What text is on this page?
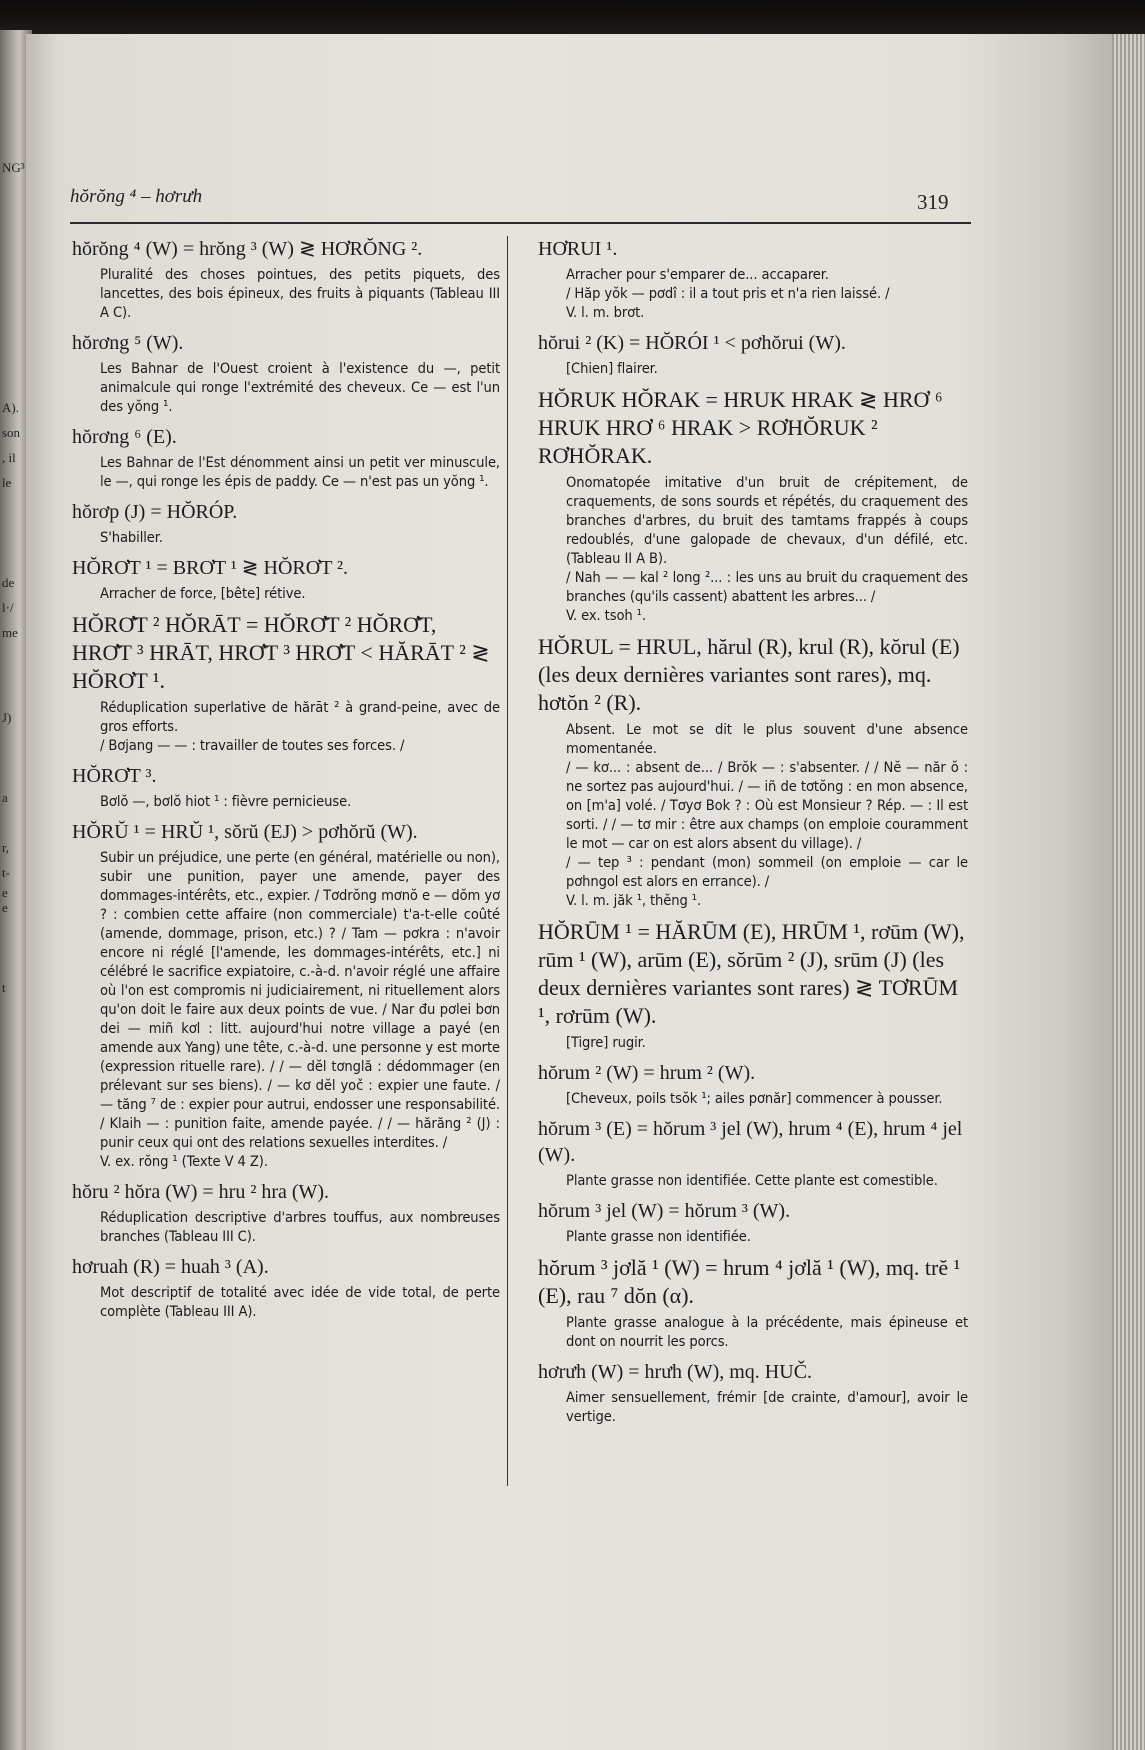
NG³
A).
son
, il
le
de
l·/
me
J)
a
r,
t-
e
e
t
hŏrŏng ⁴ – hơrưh	319
hŏrŏng ⁴ (W) = hrŏng ³ (W) ≷ HƠRŎNG ².
Pluralité des choses pointues, des petits piquets, des lancettes, des bois épineux, des fruits à piquants (Tableau III A C).
hŏrơng ⁵ (W).
Les Bahnar de l'Ouest croient à l'existence du —, petit animalcule qui ronge l'extrémité des cheveux. Ce — est l'un des yŏng ¹.
hŏrơng ⁶ (E).
Les Bahnar de l'Est dénomment ainsi un petit ver minuscule, le —, qui ronge les épis de paddy. Ce — n'est pas un yŏng ¹.
hŏrơp (J) = HŎRÓP.
S'habiller.
HŎRƠT ¹ = BRƠT ¹ ≷ HŎRƠT ².
Arracher de force, [bête] rétive.
HŎRƠ̄T ² HŎRĀT = HŎRƠ̄T ² HŎRƠ̄T, HRƠ̄T ³ HRĀT, HRƠ̄T ³ HRƠ̄T < HĂRĀT ² ≷ HŎRƠT ¹.
Réduplication superlative de hărāt ² à grand-peine, avec de gros efforts.
/ Bơjang — — : travailler de toutes ses forces. /
HŎRƠT ³.
Bơlŏ —, bơlŏ hiot ¹ : fièvre pernicieuse.
HŎRŬ ¹ = HRŬ ¹, sŏrŭ (EJ) > pơhŏrŭ (W).
Subir un préjudice, une perte (en général, matérielle ou non), subir une punition, payer une amende, payer des dommages-intérêts, etc., expier. / Tơdrŏng mơnŏ e — dŏm yơ ? : combien cette affaire (non commerciale) t'a-t-elle coûté (amende, dommage, prison, etc.) ? / Tam — pơkra : n'avoir encore ni réglé [l'amende, les dommages-intérêts, etc.] ni célébré le sacrifice expiatoire, c.-à-d. n'avoir réglé une affaire où l'on est compromis ni judiciairement, ni rituellement alors qu'on doit le faire aux deux points de vue. / Nar đu pơlei bơn dei — miñ kơl : litt. aujourd'hui notre village a payé (en amende aux Yang) une tête, c.-à-d. une personne y est morte (expression rituelle rare). / / — dĕl tơnglă : dédommager (en prélevant sur ses biens). / — kơ dĕl yoč : expier une faute. / — tăng ⁷ de : expier pour autrui, endosser une responsabilité. / Klaih — : punition faite, amende payée. / / — hărăng ² (J) : punir ceux qui ont des relations sexuelles interdites. /
V. ex. rŏng ¹ (Texte V 4 Z).
hŏru ² hŏra (W) = hru ² hra (W).
Réduplication descriptive d'arbres touffus, aux nombreuses branches (Tableau III C).
hơruah (R) = huah ³ (A).
Mot descriptif de totalité avec idée de vide total, de perte complète (Tableau III A).
HƠRUI ¹.
Arracher pour s'emparer de... accaparer.
/ Hăp yŏk — pơdî : il a tout pris et n'a rien laissé. /
V. l. m. brơt.
hŏrui ² (K) = HŎRÓI ¹ < pơhŏrui (W).
[Chien] flairer.
HŎRUK HŎRAK = HRUK HRAK ≷ HRƠ ⁶ HRUK HRƠ ⁶ HRAK > RƠHŎRUK ² RƠHŎRAK.
Onomatopée imitative d'un bruit de crépitement, de craquements, de sons sourds et répétés, du craquement des branches d'arbres, du bruit des tamtams frappés à coups redoublés, d'une galopade de chevaux, d'un défilé, etc. (Tableau II A B).
/ Nah — — kal ² long ²... : les uns au bruit du craquement des branches (qu'ils cassent) abattent les arbres... /
V. ex. tsoh ¹.
HŎRUL = HRUL, hărul (R), krul (R), kŏrul (E) (les deux dernières variantes sont rares), mq. hơtŏn ² (R).
Absent. Le mot se dit le plus souvent d'une absence momentanée.
/ — kơ... : absent de... / Brŏk — : s'absenter. / / Nĕ — năr ŏ : ne sortez pas aujourd'hui. / — iñ de tơtŏng : en mon absence, on [m'a] volé. / Tơyơ Bok ? : Où est Monsieur ? Rép. — : Il est sorti. / / — tơ mir : être aux champs (on emploie couramment le mot — car on est alors absent du village). /
/ — tep ³ : pendant (mon) sommeil (on emploie — car le pơhngol est alors en errance). /
V. l. m. jăk ¹, thĕng ¹.
HŎRŪM ¹ = HĂRŪM (E), HRŪM ¹, rơūm (W), rūm ¹ (W), arūm (E), sŏrūm ² (J), srūm (J) (les deux dernières variantes sont rares) ≷ TƠRŪM ¹, rơrūm (W).
[Tigre] rugir.
hŏrum ² (W) = hrum ² (W).
[Cheveux, poils tsŏk ¹; ailes pơnăr] commencer à pousser.
hŏrum ³ (E) = hŏrum ³ jel (W), hrum ⁴ (E), hrum ⁴ jel (W).
Plante grasse non identifiée. Cette plante est comestible.
hŏrum ³ jel (W) = hŏrum ³ (W).
Plante grasse non identifiée.
hŏrum ³ jơlă ¹ (W) = hrum ⁴ jơlă ¹ (W), mq. trĕ ¹ (E), rau ⁷ dŏn (α).
Plante grasse analogue à la précédente, mais épineuse et dont on nourrit les porcs.
hơrưh (W) = hrưh (W), mq. HUČ.
Aimer sensuellement, frémir [de crainte, d'amour], avoir le vertige.
